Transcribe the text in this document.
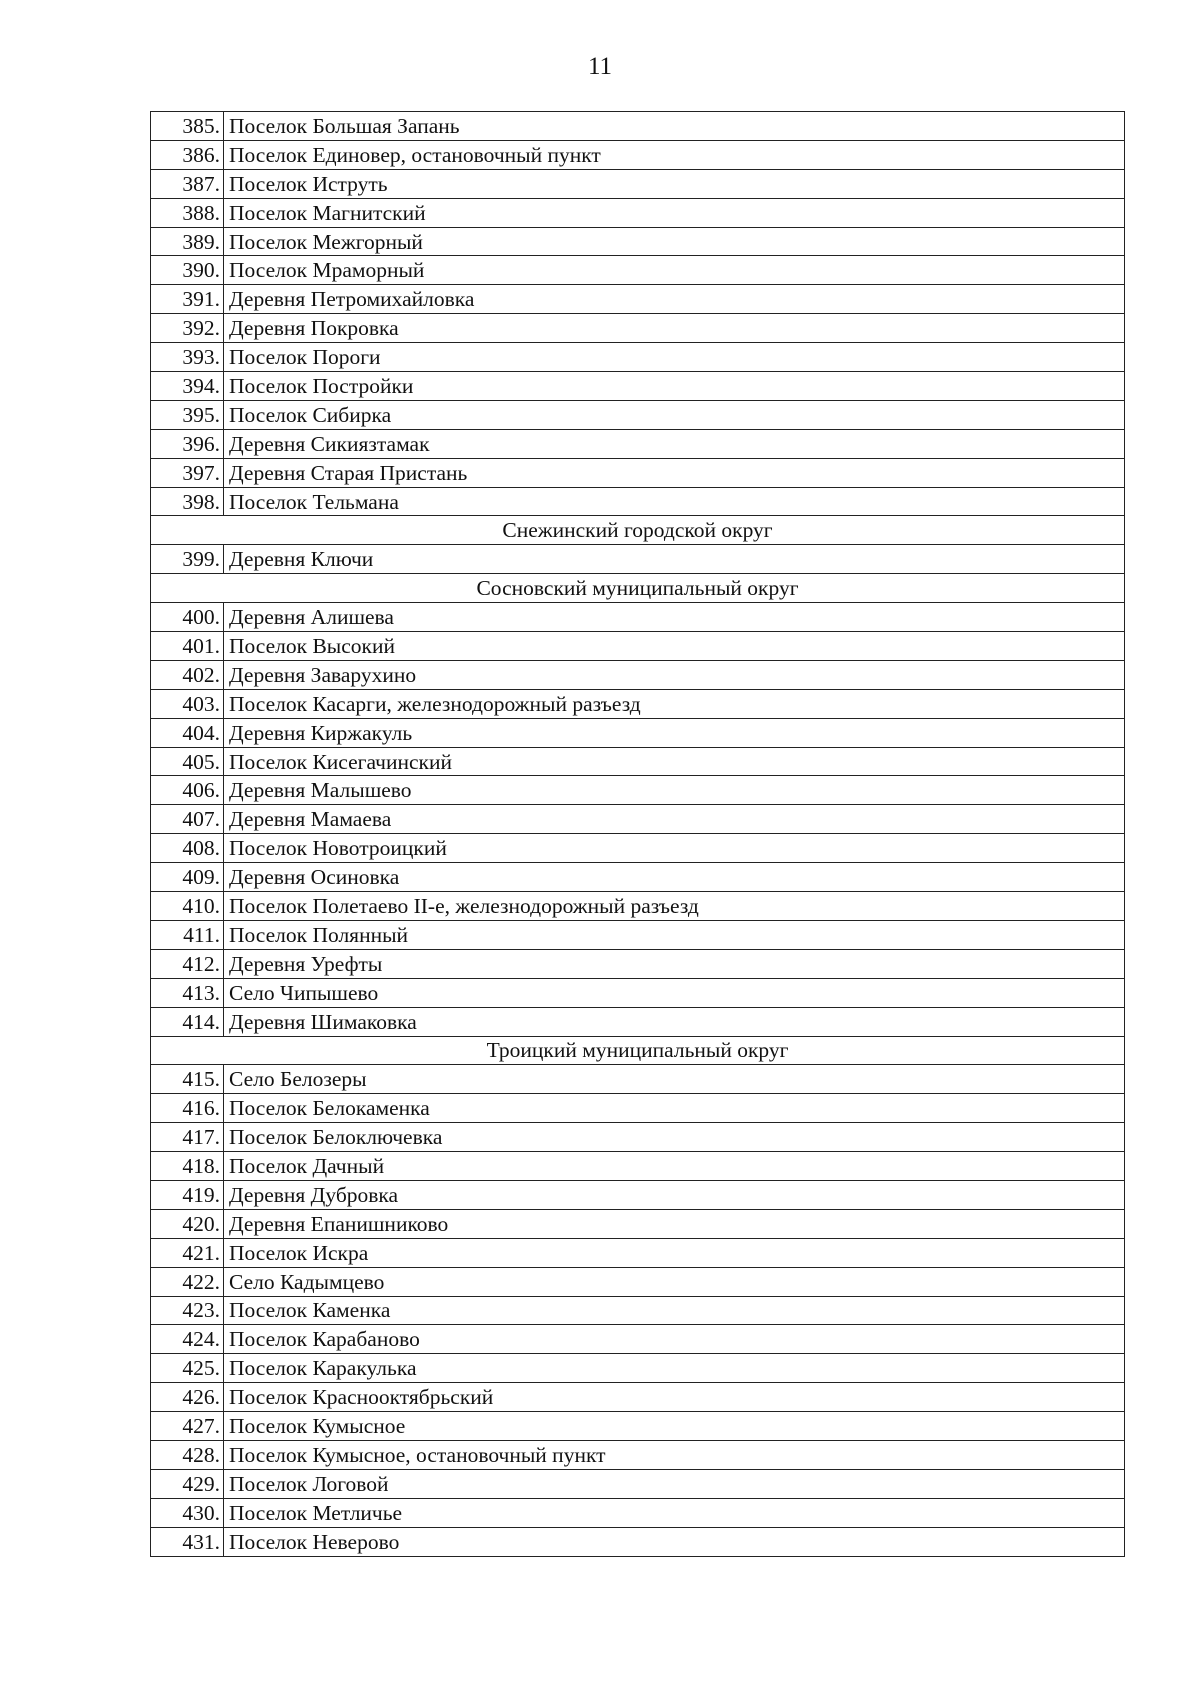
11
385.	Поселок Большая Запань
386.	Поселок Единовер, остановочный пункт
387.	Поселок Иструть
388.	Поселок Магнитский
389.	Поселок Межгорный
390.	Поселок Мраморный
391.	Деревня Петромихайловка
392.	Деревня Покровка
393.	Поселок Пороги
394.	Поселок Постройки
395.	Поселок Сибирка
396.	Деревня Сикиязтамак
397.	Деревня Старая Пристань
398.	Поселок Тельмана
Снежинский городской округ	
399.	Деревня Ключи
Сосновский муниципальный округ	
400.	Деревня Алишева
401.	Поселок Высокий
402.	Деревня Заварухино
403.	Поселок Касарги, железнодорожный разъезд
404.	Деревня Киржакуль
405.	Поселок Кисегачинский
406.	Деревня Малышево
407.	Деревня Мамаева
408.	Поселок Новотроицкий
409.	Деревня Осиновка
410.	Поселок Полетаево II-е, железнодорожный разъезд
411.	Поселок Полянный
412.	Деревня Урефты
413.	Село Чипышево
414.	Деревня Шимаковка
Троицкий муниципальный округ	
415.	Село Белозеры
416.	Поселок Белокаменка
417.	Поселок Белоключевка
418.	Поселок Дачный
419.	Деревня Дубровка
420.	Деревня Епанишниково
421.	Поселок Искра
422.	Село Кадымцево
423.	Поселок Каменка
424.	Поселок Карабаново
425.	Поселок Каракулька
426.	Поселок Краснооктябрьский
427.	Поселок Кумысное
428.	Поселок Кумысное, остановочный пункт
429.	Поселок Логовой
430.	Поселок Метличье
431.	Поселок Неверово
